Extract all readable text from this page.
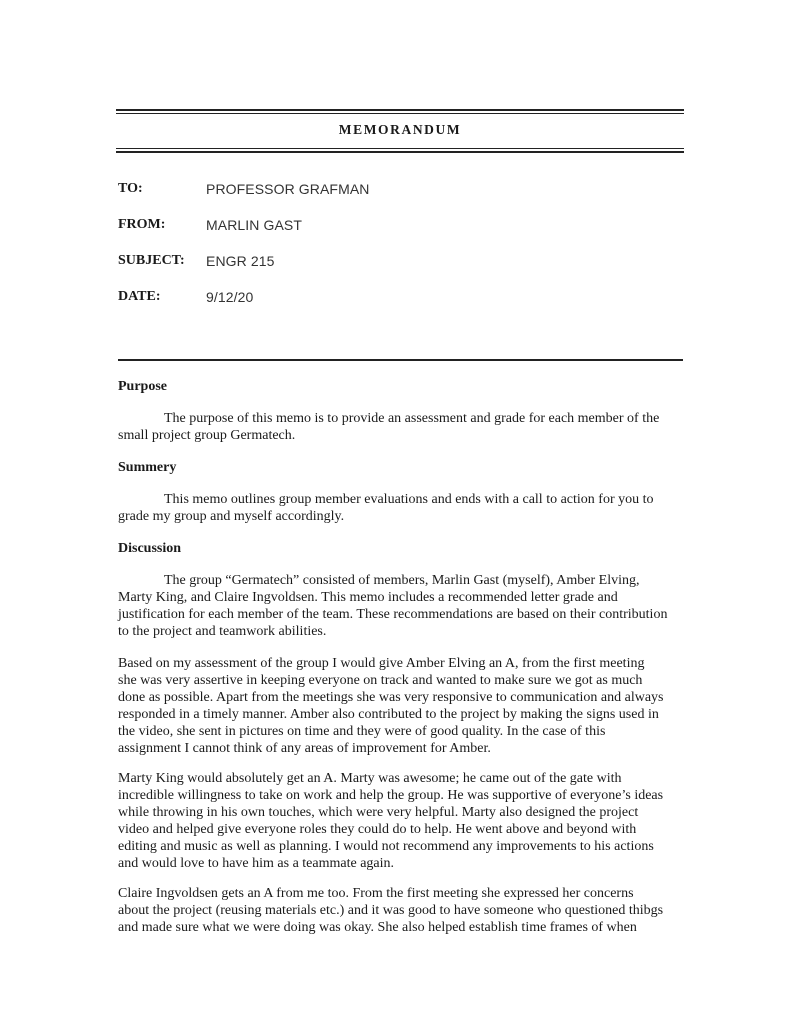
MEMORANDUM
TO:	PROFESSOR GRAFMAN
FROM:	MARLIN GAST
SUBJECT: ENGR 215
DATE:	9/12/20
Purpose
The purpose of this memo is to provide an assessment and grade for each member of the
small project group Germatech.
Summery
This memo outlines group member evaluations and ends with a call to action for you to
grade my group and myself accordingly.
Discussion
The group “Germatech” consisted of members, Marlin Gast (myself), Amber Elving,
Marty King, and Claire Ingvoldsen. This memo includes a recommended letter grade and
justification for each member of the team. These recommendations are based on their contribution
to the project and teamwork abilities.
Based on my assessment of the group I would give Amber Elving an A, from the first meeting
she was very assertive in keeping everyone on track and wanted to make sure we got as much
done as possible. Apart from the meetings she was very responsive to communication and always
responded in a timely manner. Amber also contributed to the project by making the signs used in
the video, she sent in pictures on time and they were of good quality. In the case of this
assignment I cannot think of any areas of improvement for Amber.
Marty King would absolutely get an A. Marty was awesome; he came out of the gate with
incredible willingness to take on work and help the group. He was supportive of everyone’s ideas
while throwing in his own touches, which were very helpful. Marty also designed the project
video and helped give everyone roles they could do to help. He went above and beyond with
editing and music as well as planning. I would not recommend any improvements to his actions
and would love to have him as a teammate again.
Claire Ingvoldsen gets an A from me too. From the first meeting she expressed her concerns
about the project (reusing materials etc.) and it was good to have someone who questioned thibgs
and made sure what we were doing was okay. She also helped establish time frames of when
